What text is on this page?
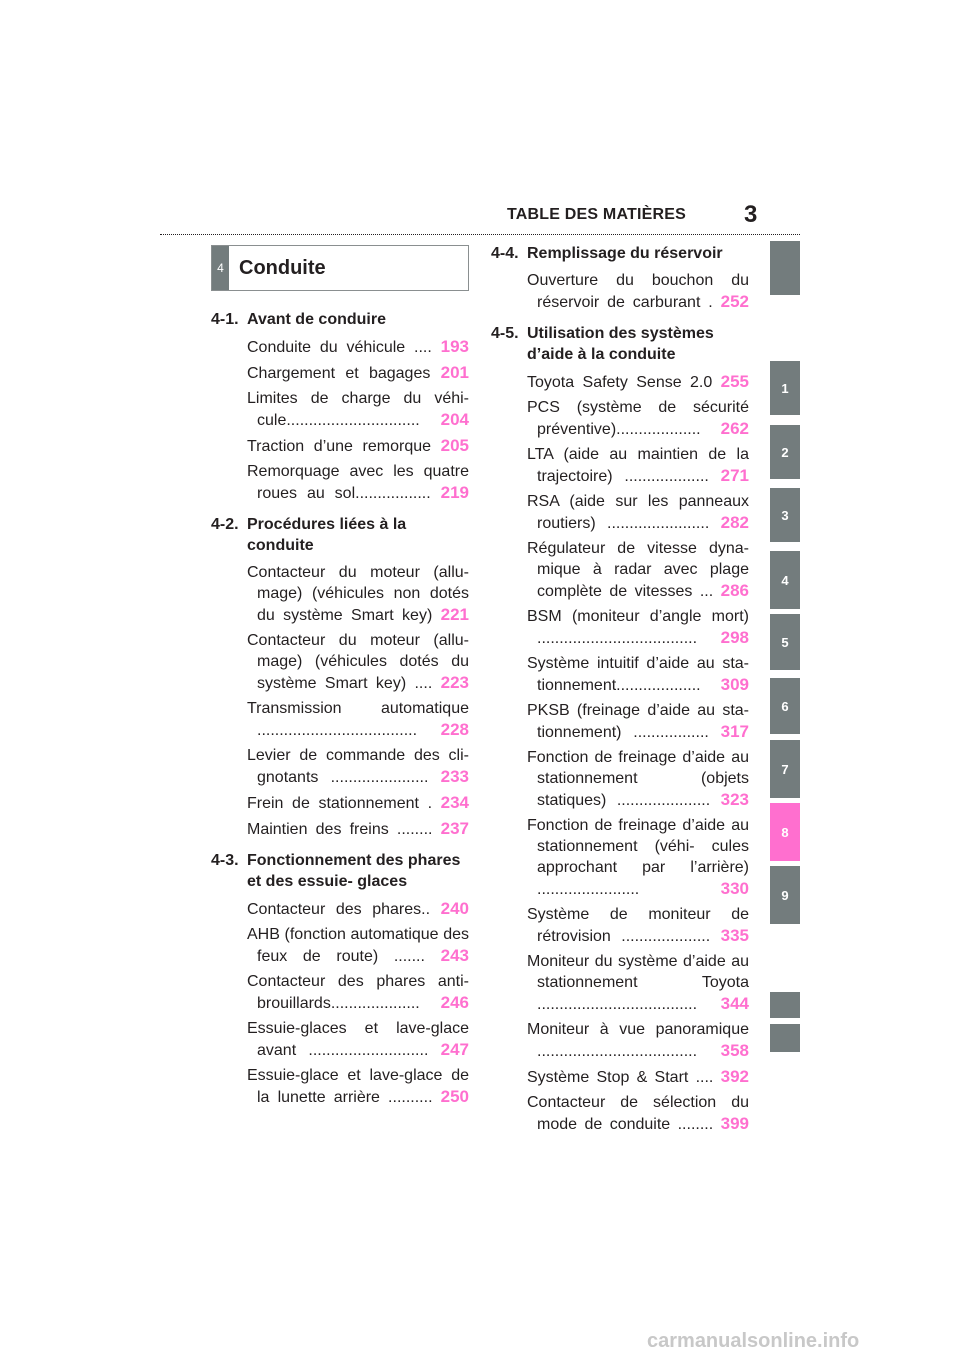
TABLE DES MATIÈRES 3
1
2
3
4
5
6
7
8
9
4 Conduite
4-1. Avant de conduire
Conduite du véhicule .... 193
Chargement et bagages 201
Limites de charge du véhi- cule.............................. 204
Traction d’une remorque 205
Remorquage avec les quatre roues au sol................. 219
4-2. Procédures liées à la conduite
Contacteur du moteur (allu- mage) (véhicules non dotés du système Smart key) 221
Contacteur du moteur (allu- mage) (véhicules dotés du système Smart key) .... 223
Transmission automatique .................................... 228
Levier de commande des cli- gnotants ...................... 233
Frein de stationnement . 234
Maintien des freins ........ 237
4-3. Fonctionnement des phares et des essuie- glaces
Contacteur des phares.. 240
AHB (fonction automatique des feux de route) ....... 243
Contacteur des phares anti- brouillards.................... 246
Essuie-glaces et lave-glace avant ........................... 247
Essuie-glace et lave-glace de la lunette arrière .......... 250
4-4. Remplissage du réservoir
Ouverture du bouchon du réservoir de carburant . 252
4-5. Utilisation des systèmes d’aide à la conduite
Toyota Safety Sense 2.0 255
PCS (système de sécurité préventive)................... 262
LTA (aide au maintien de la trajectoire) ................... 271
RSA (aide sur les panneaux routiers) ....................... 282
Régulateur de vitesse dyna- mique à radar avec plage complète de vitesses ... 286
BSM (moniteur d’angle mort) .................................... 298
Système intuitif d’aide au sta- tionnement................... 309
PKSB (freinage d’aide au sta- tionnement) ................. 317
Fonction de freinage d’aide au stationnement (objets statiques) ..................... 323
Fonction de freinage d’aide au stationnement (véhi- cules approchant par l’arrière) .......................	330
Système de moniteur de rétrovision .................... 335
Moniteur du système d’aide au stationnement Toyota .................................... 344
Moniteur à vue panoramique .................................... 358
Système Stop & Start .... 392
Contacteur de sélection du mode de conduite ........ 399
carmanualsonline.info
